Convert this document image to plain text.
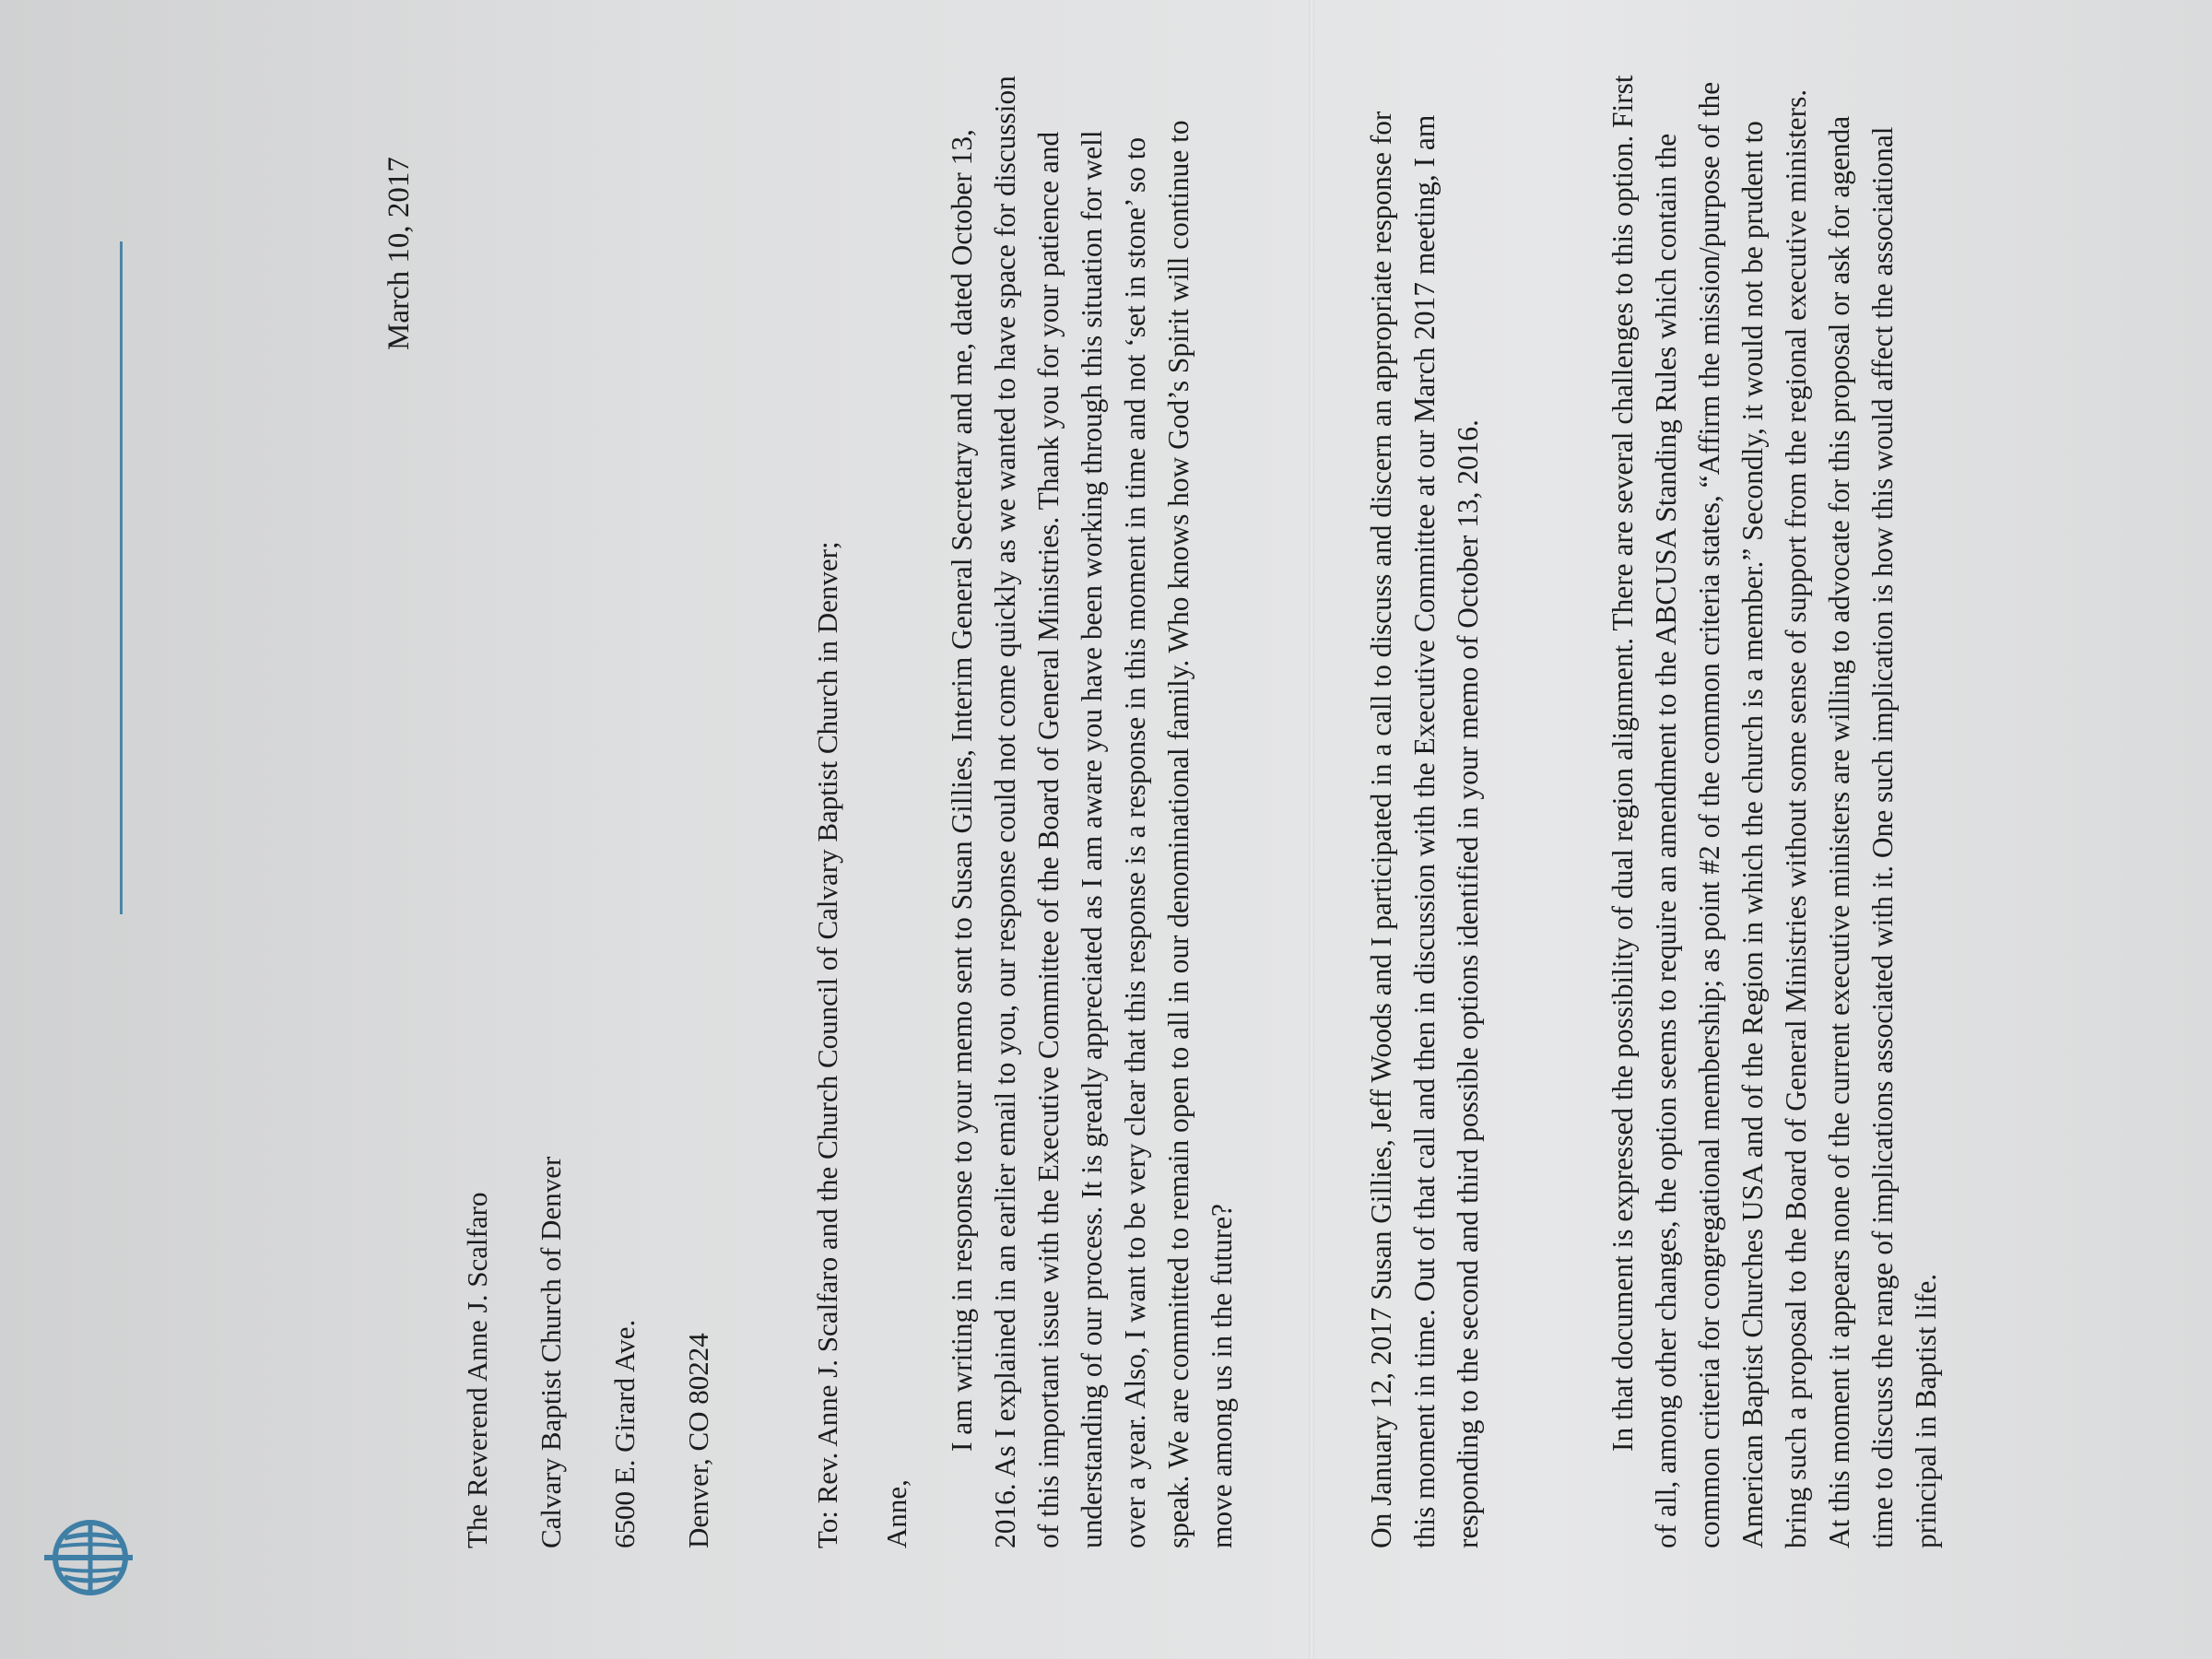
March 10, 2017
The Reverend Anne J. Scalfaro Calvary Baptist Church of Denver 6500 E. Girard Ave. Denver, CO 80224	To: Rev. Anne J. Scalfaro and the Church Council of Calvary Baptist Church in Denver; Anne,

I am writing in response to your memo sent to Susan Gillies, Interim General Secretary and me, dated October 13, 2016. As I explained in an earlier email to you, our response could not come quickly as we wanted to have space for discussion of this important issue with the Executive Committee of the Board of General Ministries. Thank you for your patience and understanding of our process. It is greatly appreciated as I am aware you have been working through this situation for well over a year. Also, I want to be very clear that this response is a response in this moment in time and not ‘set in stone’ so to speak. We are committed to remain open to all in our denominational family. Who knows how God’s Spirit will continue to move among us in the future?	On January 12, 2017 Susan Gillies, Jeff Woods and I participated in a call to discuss and discern an appropriate response for this moment in time. Out of that call and then in discussion with the Executive Committee at our March 2017 meeting, I am responding to the second and third possible options identified in your memo of October 13, 2016.	In that document is expressed the possibility of dual region alignment. There are several challenges to this option. First of all, among other changes, the option seems to require an amendment to the ABCUSA Standing Rules which contain the common criteria for congregational membership; as point #2 of the common criteria states, “Affirm the mission/purpose of the American Baptist Churches USA and of the Region in which the church is a member.” Secondly, it would not be prudent to bring such a proposal to the Board of General Ministries without some sense of support from the regional executive ministers. At this moment it appears none of the current executive ministers are willing to advocate for this proposal or ask for agenda time to discuss the range of implications associated with it. One such implication is how this would affect the associational principal in Baptist life.
